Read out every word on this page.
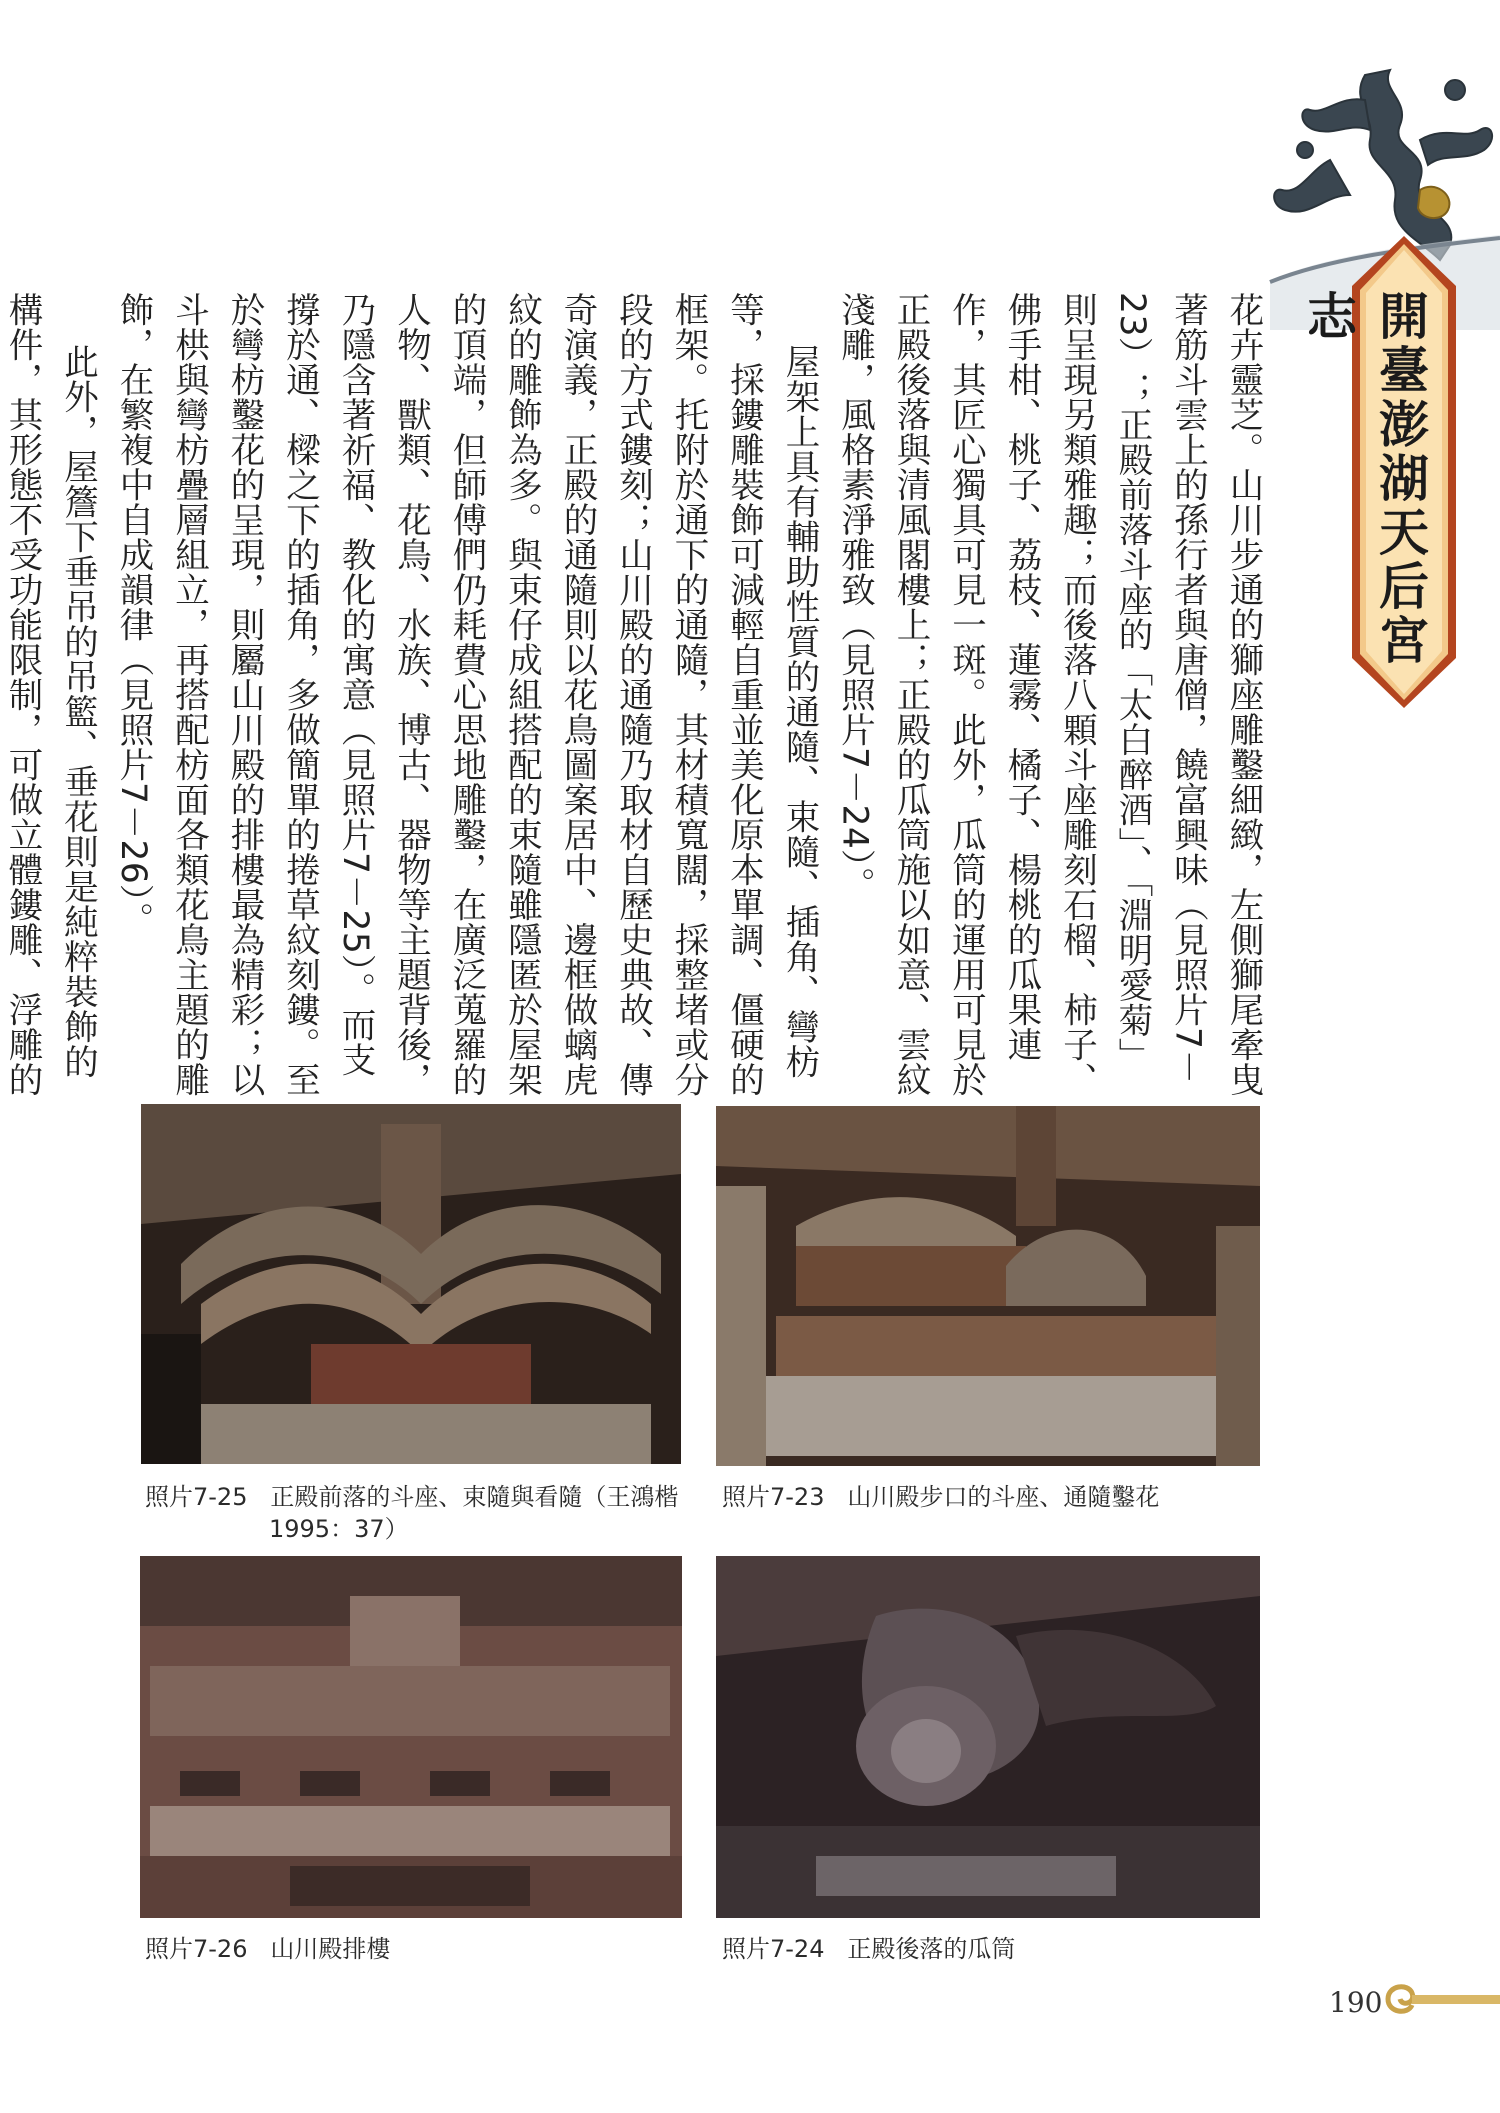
開臺澎湖天后宮志

花卉靈芝。山川步通的獅座雕鑿細緻，左側獅尾牽曳著筋斗雲上的孫行者與唐僧，饒富興味（見照片7－23）；正殿前落斗座的「太白醉酒」、「淵明愛菊」則呈現另類雅趣；而後落八顆斗座雕刻石榴、柿子、佛手柑、桃子、荔枝、蓮霧、橘子、楊桃的瓜果連作，其匠心獨具可見一斑。此外，瓜筒的運用可見於正殿後落與清風閣樓上；正殿的瓜筒施以如意、雲紋淺雕，風格素淨雅致（見照片7－24）。

屋架上具有輔助性質的通隨、束隨、插角、彎枋等，採鏤雕裝飾可減輕自重並美化原本單調、僵硬的框架。托附於通下的通隨，其材積寬闊，採整堵或分段的方式鏤刻；山川殿的通隨乃取材自歷史典故、傳奇演義，正殿的通隨則以花鳥圖案居中、邊框做螭虎紋的雕飾為多。與束仔成組搭配的束隨雖隱匿於屋架的頂端，但師傅們仍耗費心思地雕鑿，在廣泛蒐羅的人物、獸類、花鳥、水族、博古、器物等主題背後，乃隱含著祈福、教化的寓意（見照片7－25）。而支撐於通、樑之下的插角，多做簡單的捲草紋刻鏤。至於彎枋鑿花的呈現，則屬山川殿的排樓最為精彩；以斗栱與彎枋疊層組立，再搭配枋面各類花鳥主題的雕飾，在繁複中自成韻律（見照片7－26）。

此外，屋簷下垂吊的吊籃、垂花則是純粹裝飾的構件，其形態不受功能限制，可做立體鏤雕、浮雕的

照片7-25 正殿前落的斗座、束隨與看隨（王鴻楷
1995：37）
照片7-23 山川殿步口的斗座、通隨鑿花
照片7-26 山川殿排樓	照片7-24 正殿後落的瓜筒
190
